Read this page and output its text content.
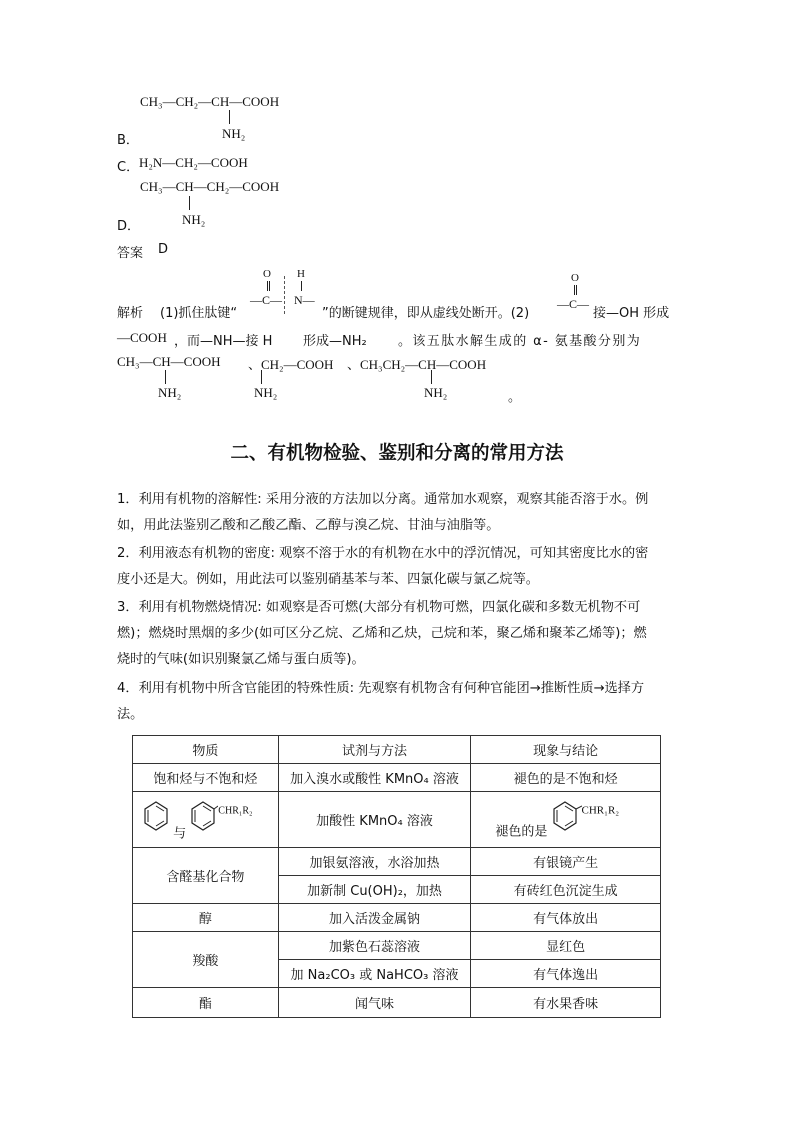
CH₃—CH₂—CH—COOH
NH₂
B．
C． H₂N—CH₂—COOH
CH₃—CH—CH₂—COOH
NH₂
D．
答案 D
解析 (1)抓住肽键“
O H
—C— N—
”的断键规律，即从虚线处断开。(2)
O
—C—
接—OH 形成
—COOH ，而—NH—接 H 形成—NH₂ 。该五肽水解生成的 α- 氨基酸分别为
CH₃—CH—COOH
NH₂
、CH₂—COOH
NH₂
、CH₃CH₂—CH—COOH
NH₂	。
二、有机物检验、鉴别和分离的常用方法
1．利用有机物的溶解性: 采用分液的方法加以分离。通常加水观察，观察其能否溶于水。例
如，用此法鉴别乙酸和乙酸乙酯、乙醇与溴乙烷、甘油与油脂等。
2．利用液态有机物的密度: 观察不溶于水的有机物在水中的浮沉情况，可知其密度比水的密
度小还是大。例如，用此法可以鉴别硝基苯与苯、四氯化碳与氯乙烷等。
3．利用有机物燃烧情况: 如观察是否可燃(大部分有机物可燃，四氯化碳和多数无机物不可
燃)；燃烧时黑烟的多少(如可区分乙烷、乙烯和乙炔，己烷和苯，聚乙烯和聚苯乙烯等)；燃
烧时的气味(如识别聚氯乙烯与蛋白质等)。
4．利用有机物中所含官能团的特殊性质: 先观察有机物含有何种官能团→推断性质→选择方
法。
物质	试剂与方法	现象与结论
饱和烃与不饱和烃	加入溴水或酸性 KMnO₄ 溶液	褪色的是不饱和烃
与 $^{CHR_1R_2}$	加酸性 KMnO₄ 溶液	褪色的是 $^{CHR_1R_2}$
含醛基化合物	加银氨溶液，水浴加热	有银镜产生
	加新制 Cu(OH)₂，加热	有砖红色沉淀生成
醇	加入活泼金属钠	有气体放出
羧酸	加紫色石蕊溶液	显红色
	加 Na₂CO₃ 或 NaHCO₃ 溶液	有气体逸出
酯	闻气味	有水果香味
